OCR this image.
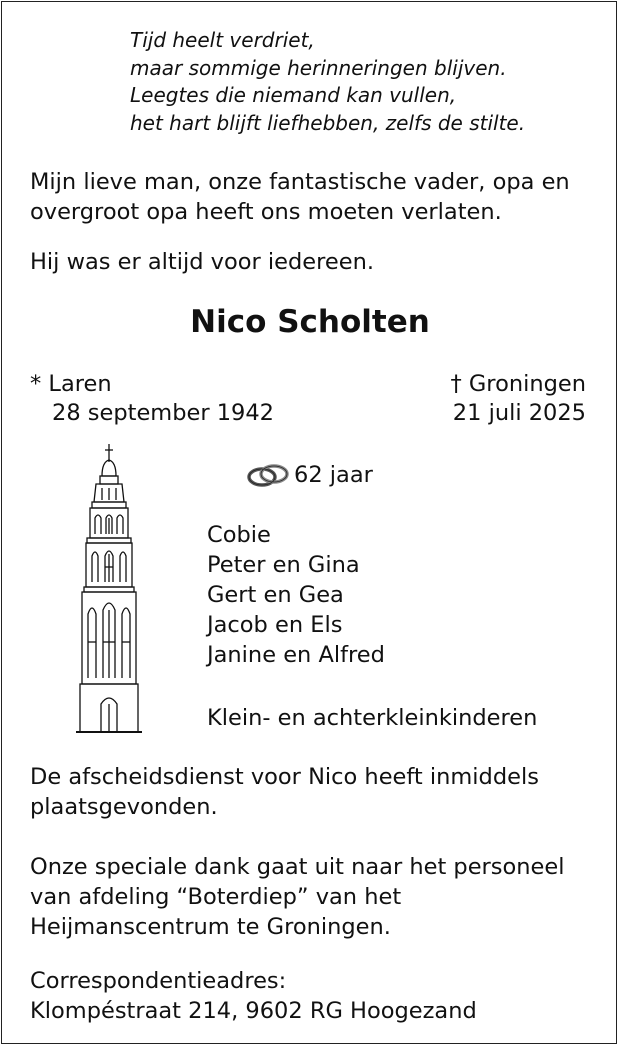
Tijd heelt verdriet,
maar sommige herinneringen blijven.
Leegtes die niemand kan vullen,
het hart blijft liefhebben, zelfs de stilte.
Mijn lieve man, onze fantastische vader, opa en overgroot opa heeft ons moeten verlaten.
Hij was er altijd voor iedereen.
Nico Scholten
* Laren
28 september 1942
† Groningen
21 juli 2025
62 jaar
Cobie
Peter en Gina
Gert en Gea
Jacob en Els
Janine en Alfred
Klein- en achterkleinkinderen
De afscheidsdienst voor Nico heeft inmiddels plaatsgevonden.
Onze speciale dank gaat uit naar het personeel van afdeling “Boterdiep” van het Heijmanscentrum te Groningen.
Correspondentieadres:
Klompéstraat 214, 9602 RG Hoogezand
